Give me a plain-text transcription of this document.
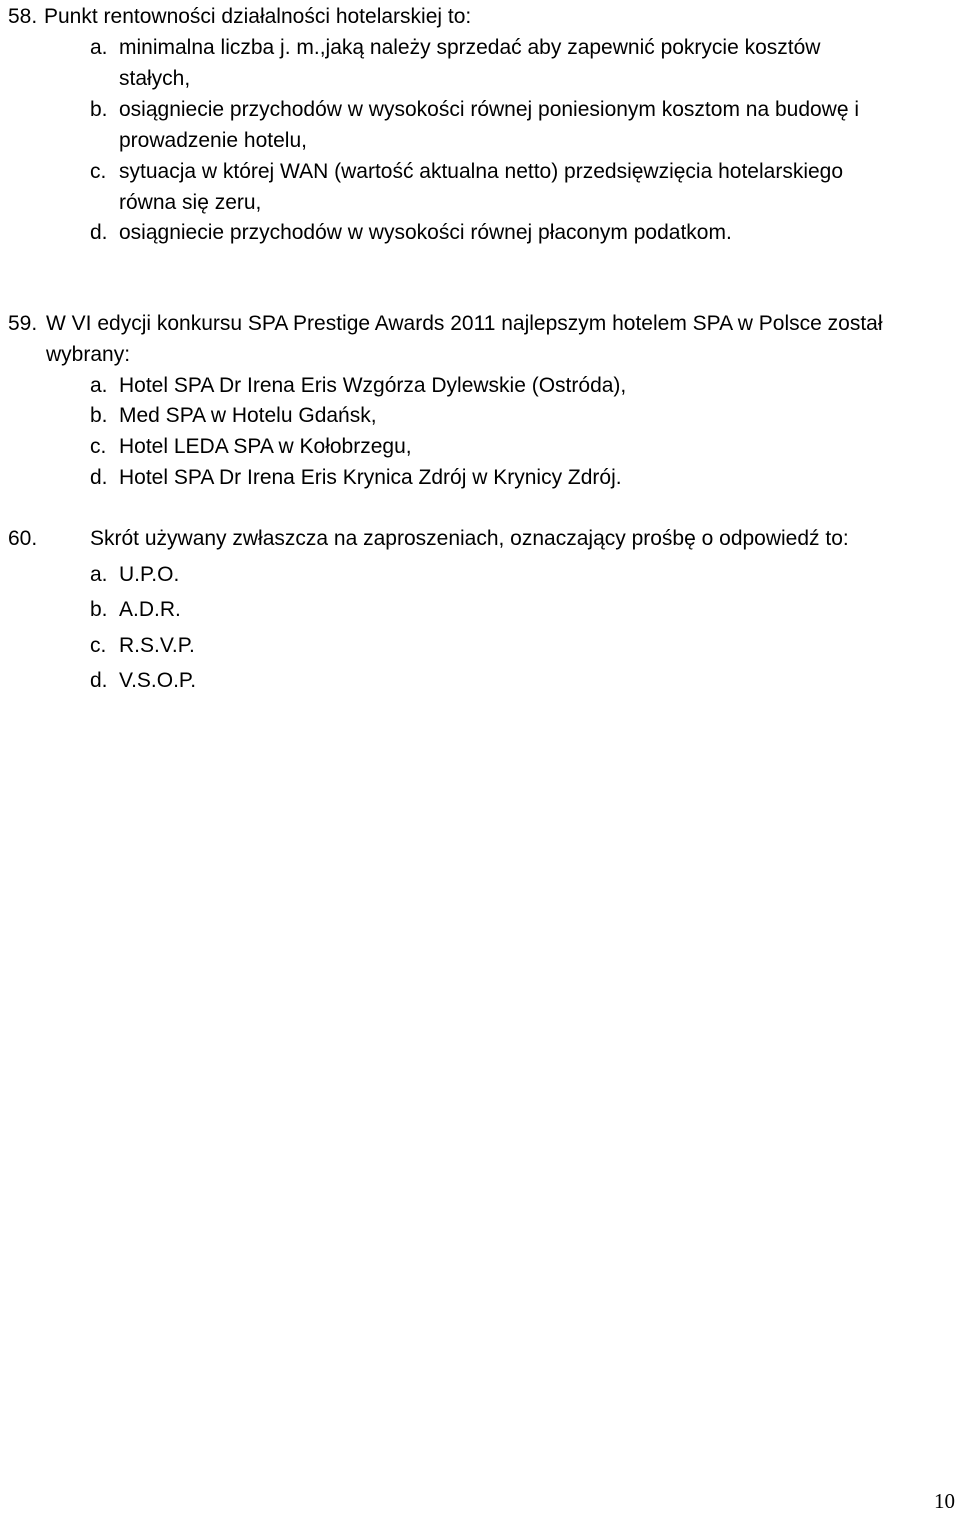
58. Punkt rentowności działalności hotelarskiej to:
a. minimalna liczba j. m.,jaką należy sprzedać aby zapewnić pokrycie kosztów
stałych,
b. osiągniecie przychodów w wysokości równej poniesionym kosztom na budowę i
prowadzenie hotelu,
c. sytuacja w której WAN (wartość aktualna netto) przedsięwzięcia hotelarskiego
równa się zeru,
d. osiągniecie przychodów w wysokości równej płaconym podatkom.
59. W VI edycji konkursu SPA Prestige Awards 2011 najlepszym hotelem SPA w Polsce został
wybrany:
a. Hotel SPA Dr Irena Eris Wzgórza Dylewskie (Ostróda),
b. Med SPA w Hotelu Gdańsk,
c. Hotel LEDA SPA w Kołobrzegu,
d. Hotel SPA Dr Irena Eris Krynica Zdrój w Krynicy Zdrój.
60.	Skrót używany zwłaszcza na zaproszeniach, oznaczający prośbę o odpowiedź to:
a. U.P.O.
b. A.D.R.
c. R.S.V.P.
d. V.S.O.P.
10
